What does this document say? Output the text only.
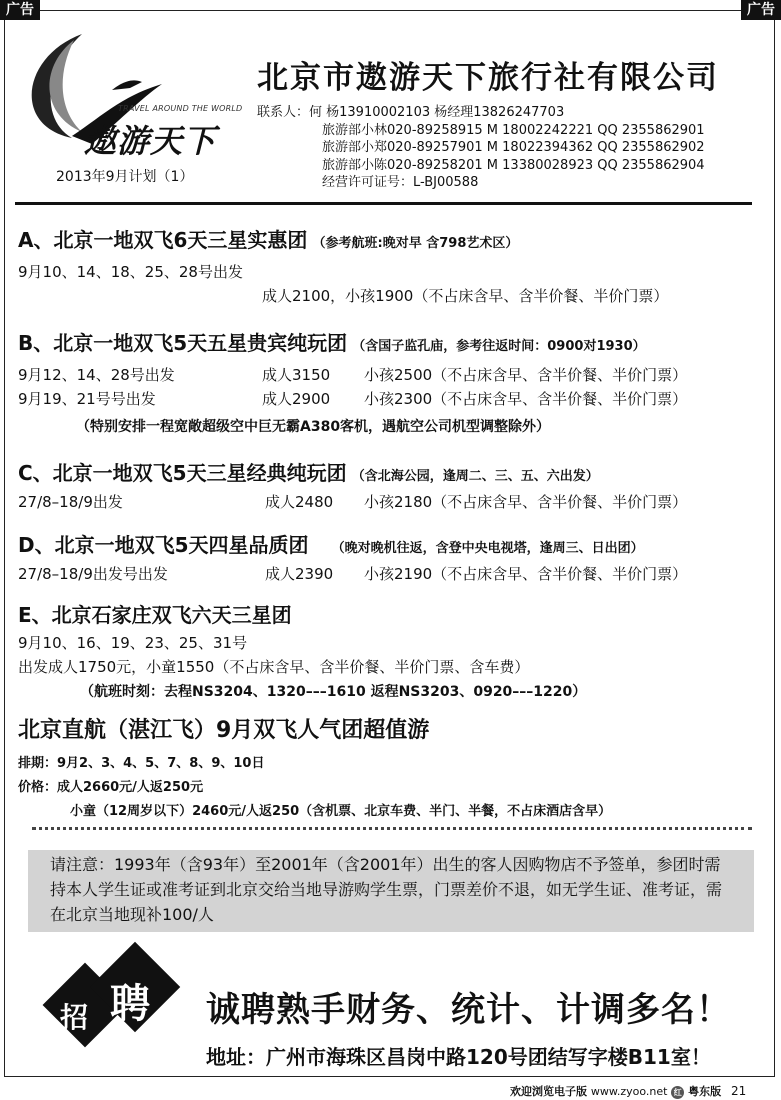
广告	广告
TRAVEL AROUND THE WORLD
遨游天下
2013年9月计划（1）
北京市遨游天下旅行社有限公司
联系人：何 杨13910002103 杨经理13826247703
旅游部小林020-89258915 M 18002242221 QQ 2355862901
旅游部小郑020-89257901 M 18022394362 QQ 2355862902
旅游部小陈020-89258201 M 13380028923 QQ 2355862904
经营许可证号：L-BJ00588
A、北京一地双飞6天三星实惠团 （参考航班:晚对早 含798艺术区）
9月10、14、18、25、28号出发
成人2100，小孩1900（不占床含早、含半价餐、半价门票）
B、北京一地双飞5天五星贵宾纯玩团 （含国子监孔庙，参考往返时间：0900对1930）
9月12、14、28号出发	成人3150 小孩2500（不占床含早、含半价餐、半价门票）
9月19、21号号出发	成人2900 小孩2300（不占床含早、含半价餐、半价门票）
（特别安排一程宽敞超级空中巨无霸A380客机，遇航空公司机型调整除外）
C、北京一地双飞5天三星经典纯玩团 （含北海公园，逢周二、三、五、六出发）
27/8–18/9出发	成人2480 小孩2180（不占床含早、含半价餐、半价门票）
D、北京一地双飞5天四星品质团 （晚对晚机往返，含登中央电视塔，逢周三、日出团）
27/8–18/9出发号出发	成人2390 小孩2190（不占床含早、含半价餐、半价门票）
E、北京石家庄双飞六天三星团
9月10、16、19、23、25、31号
出发成人1750元，小童1550（不占床含早、含半价餐、半价门票、含车费）
（航班时刻：去程NS3204、1320–––1610 返程NS3203、0920–––1220）
北京直航（湛江飞）9月双飞人气团超值游
排期：9月2、3、4、5、7、8、9、10日
价格：成人2660元/人返250元
小童（12周岁以下）2460元/人返250（含机票、北京车费、半门、半餐，不占床酒店含早）
请注意：1993年（含93年）至2001年（含2001年）出生的客人因购物店不予签单，参团时需持本人学生证或准考证到北京交给当地导游购学生票，门票差价不退，如无学生证、准考证，需在北京当地现补100/人
招 聘 诚聘熟手财务、统计、计调多名！
地址：广州市海珠区昌岗中路120号团结写字楼B11室！
欢迎浏览电子版 www.zyoo.net 红 粤东版 21
